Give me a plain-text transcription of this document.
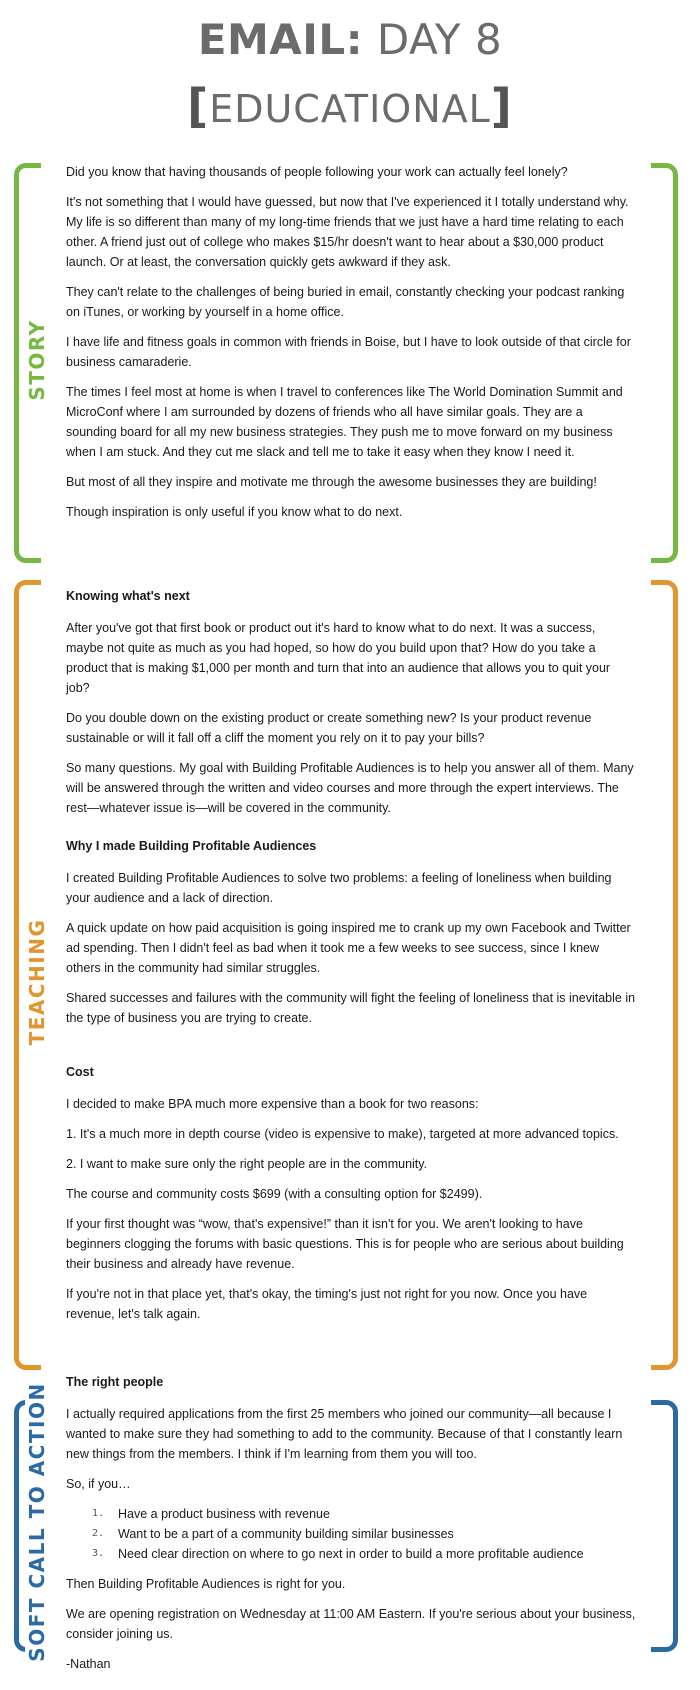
EMAIL: DAY 8
[EDUCATIONAL]
STORY

Did you know that having thousands of people following your work can actually feel lonely?

It's not something that I would have guessed, but now that I've experienced it I totally understand why. My life is so different than many of my long-time friends that we just have a hard time relating to each other. A friend just out of college who makes $15/hr doesn't want to hear about a $30,000 product launch. Or at least, the conversation quickly gets awkward if they ask.

They can't relate to the challenges of being buried in email, constantly checking your podcast ranking on iTunes, or working by yourself in a home office.

I have life and fitness goals in common with friends in Boise, but I have to look outside of that circle for business camaraderie.

The times I feel most at home is when I travel to conferences like The World Domination Summit and MicroConf where I am surrounded by dozens of friends who all have similar goals. They are a sounding board for all my new business strategies. They push me to move forward on my business when I am stuck. And they cut me slack and tell me to take it easy when they know I need it.

But most of all they inspire and motivate me through the awesome businesses they are building!

Though inspiration is only useful if you know what to do next.

TEACHING
Knowing what's next

After you've got that first book or product out it's hard to know what to do next. It was a success, maybe not quite as much as you had hoped, so how do you build upon that? How do you take a product that is making $1,000 per month and turn that into an audience that allows you to quit your job?

Do you double down on the existing product or create something new? Is your product revenue sustainable or will it fall off a cliff the moment you rely on it to pay your bills?

So many questions. My goal with Building Profitable Audiences is to help you answer all of them. Many will be answered through the written and video courses and more through the expert interviews. The rest—whatever issue is—will be covered in the community.

Why I made Building Profitable Audiences

I created Building Profitable Audiences to solve two problems: a feeling of loneliness when building your audience and a lack of direction.

A quick update on how paid acquisition is going inspired me to crank up my own Facebook and Twitter ad spending. Then I didn't feel as bad when it took me a few weeks to see success, since I knew others in the community had similar struggles.

Shared successes and failures with the community will fight the feeling of loneliness that is inevitable in the type of business you are trying to create.

Cost

I decided to make BPA much more expensive than a book for two reasons:

1. It's a much more in depth course (video is expensive to make), targeted at more advanced topics.

2. I want to make sure only the right people are in the community.

The course and community costs $699 (with a consulting option for $2499).

If your first thought was “wow, that's expensive!” than it isn't for you. We aren't looking to have beginners clogging the forums with basic questions. This is for people who are serious about building their business and already have revenue.

If you're not in that place yet, that's okay, the timing's just not right for you now. Once you have revenue, let's talk again.

SOFT CALL TO ACTION
The right people

I actually required applications from the first 25 members who joined our community—all because I wanted to make sure they had something to add to the community. Because of that I constantly learn new things from the members. I think if I'm learning from them you will too.

So, if you…

1. Have a product business with revenue
2. Want to be a part of a community building similar businesses
3. Need clear direction on where to go next in order to build a more profitable audience

Then Building Profitable Audiences is right for you.

We are opening registration on Wednesday at 11:00 AM Eastern. If you're serious about your business, consider joining us.

-Nathan
